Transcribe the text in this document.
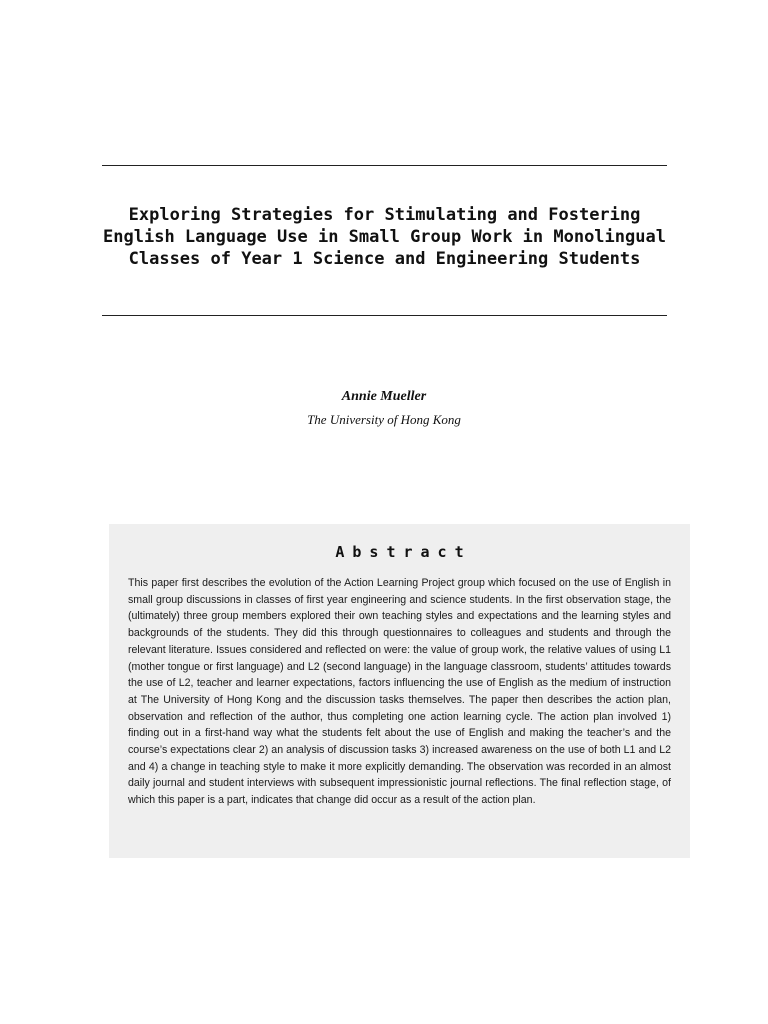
Exploring Strategies for Stimulating and Fostering English Language Use in Small Group Work in Monolingual Classes of Year 1 Science and Engineering Students

Annie Mueller

The University of Hong Kong

Abstract

This paper first describes the evolution of the Action Learning Project group which focused on the use of English in small group discussions in classes of first year engineering and science students. In the first observation stage, the (ultimately) three group members explored their own teaching styles and expectations and the learning styles and backgrounds of the students. They did this through questionnaires to colleagues and students and through the relevant literature. Issues considered and reflected on were: the value of group work, the relative values of using L1 (mother tongue or first language) and L2 (second language) in the language classroom, students’ attitudes towards the use of L2, teacher and learner expectations, factors influencing the use of English as the medium of instruction at The University of Hong Kong and the discussion tasks themselves. The paper then describes the action plan, observation and reflection of the author, thus completing one action learning cycle. The action plan involved 1) finding out in a first-hand way what the students felt about the use of English and making the teacher’s and the course’s expectations clear 2) an analysis of discussion tasks 3) increased awareness on the use of both L1 and L2 and 4) a change in teaching style to make it more explicitly demanding. The observation was recorded in an almost daily journal and student interviews with subsequent impressionistic journal reflections. The final reflection stage, of which this paper is a part, indicates that change did occur as a result of the action plan.
